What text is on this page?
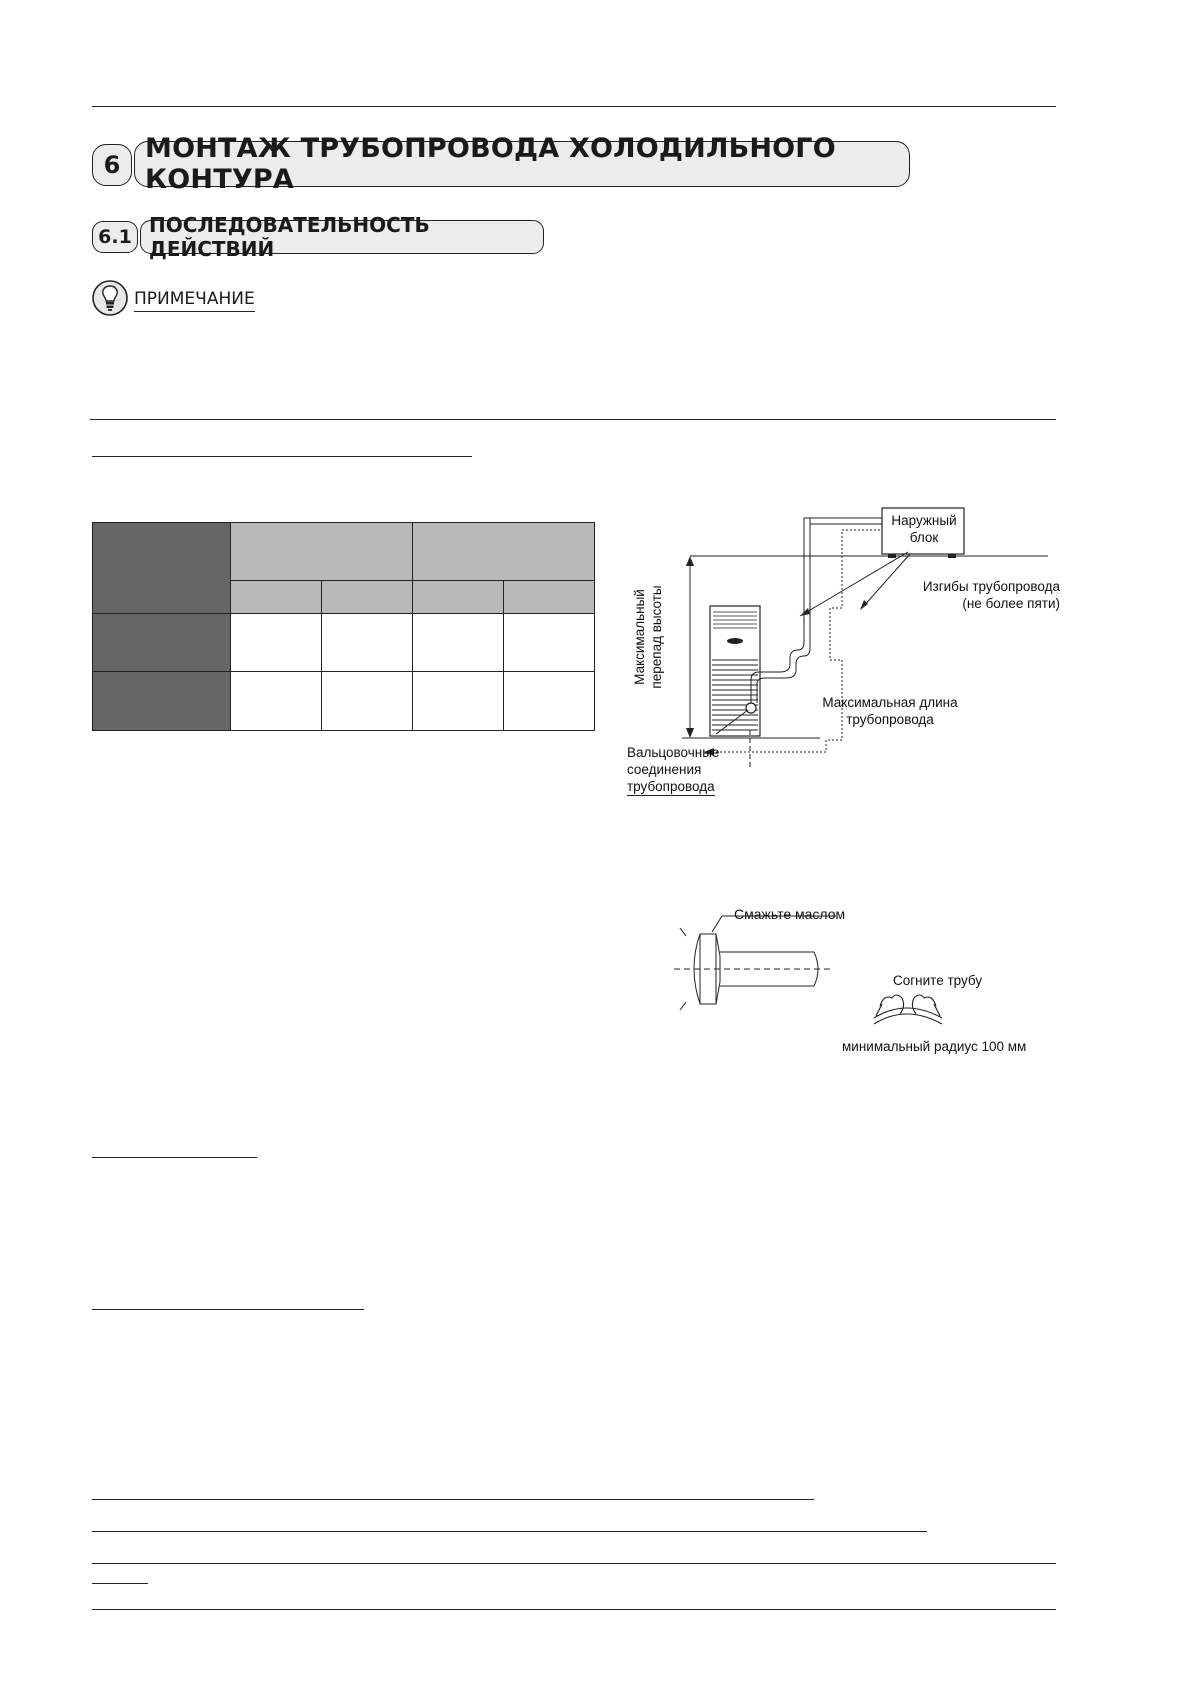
6
МОНТАЖ ТРУБОПРОВОДА ХОЛОДИЛЬНОГО КОНТУРА
6.1 ПОСЛЕДОВАТЕЛЬНОСТЬ ДЕЙСТВИЙ
ПРИМЕЧАНИЕ

Наружный
блок
Изгибы трубопровода
(не более пяти)
Максимальный перепад высоты
Максимальная длина
трубопровода
Вальцовочные
соединения
трубопровода
Смажьте маслом
Согните трубу
минимальный радиус 100 мм
